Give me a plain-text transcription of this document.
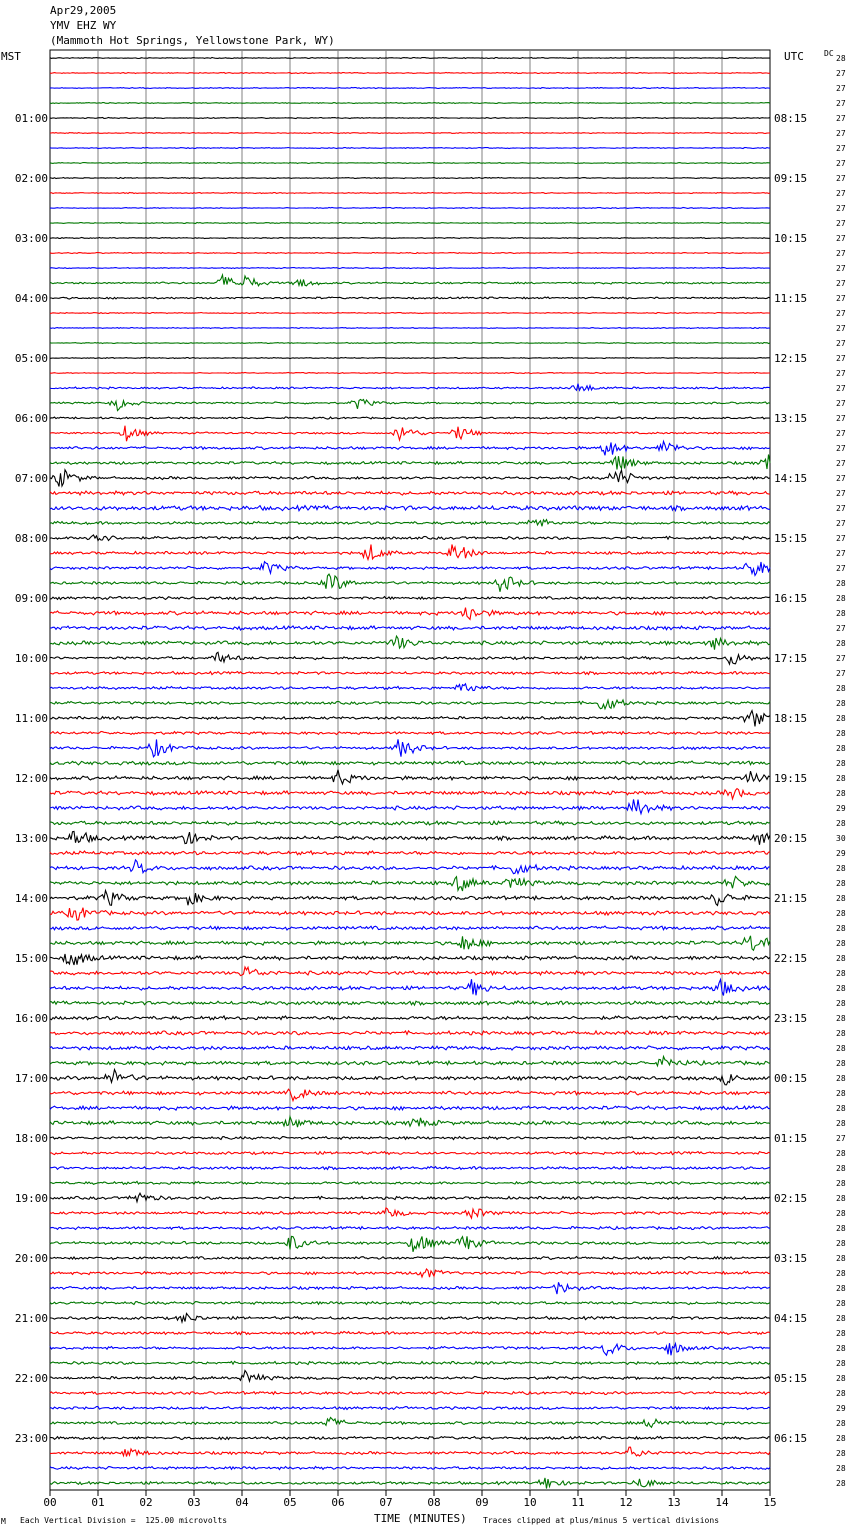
Apr29,2005
YMV EHZ WY
(Mammoth Hot Springs, Yellowstone Park, WY)
MST	UTC	DC
00	01	02	03	04	05	06	07	08	09	10	11	12	13	14	15
28
27
27
27
27
27
27
27
27
27
27
27
27
27
27
27
27
27
27
27
27
27
27
27
27
27
27
27
27
27
27
27
27
27
27
28
28
28
27
28
27
27
28
28
28
28
28
28
28
28
29
28
30
29
28
28
28
28
28
28
28
28
28
28
28
28
28
28
28
28
28
28
27
28
28
28
28
28
28
28
28
28
28
28
28
28
28
28
28
28
29
28
28
28
28
28
01:00
02:00
03:00
04:00
05:00
06:00
07:00
08:00
09:00
10:00
11:00
12:00
13:00
14:00
15:00
16:00
17:00
18:00
19:00
20:00
21:00
22:00
23:00
08:15
09:15
10:15
11:15
12:15
13:15
14:15
15:15
16:15
17:15
18:15
19:15
20:15
21:15
22:15
23:15
00:15
01:15
02:15
03:15
04:15
05:15
06:15
M Each Vertical Division =  125.00 microvolts	TIME (MINUTES) Traces clipped at plus/minus 5 vertical divisions
